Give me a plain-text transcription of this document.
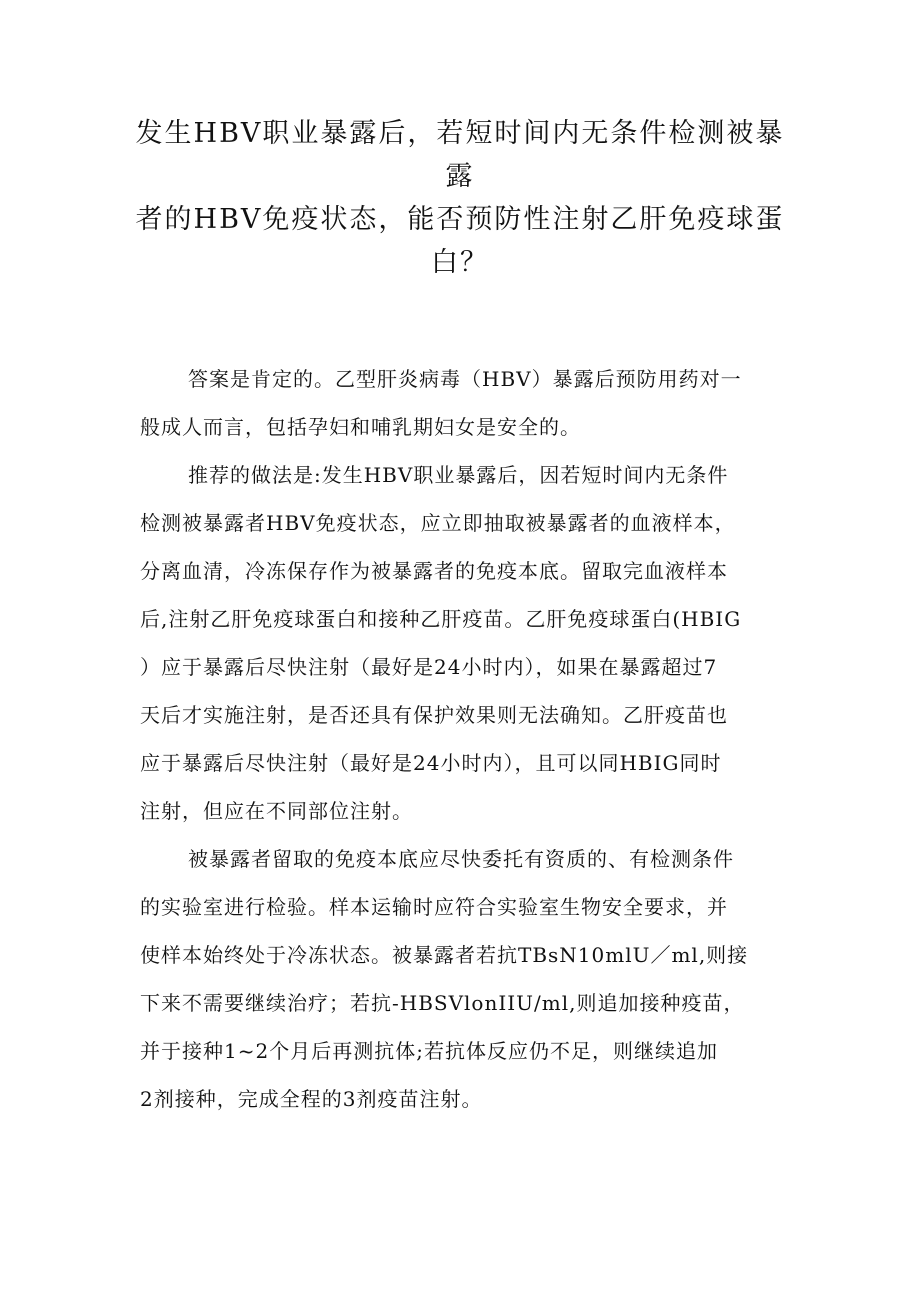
发生HBV职业暴露后，若短时间内无条件检测被暴
露
者的HBV免疫状态，能否预防性注射乙肝免疫球蛋
白？

答案是肯定的。乙型肝炎病毒（HBV）暴露后预防用药对一
般成人而言，包括孕妇和哺乳期妇女是安全的。

推荐的做法是:发生HBV职业暴露后，因若短时间内无条件
检测被暴露者HBV免疫状态，应立即抽取被暴露者的血液样本，
分离血清，冷冻保存作为被暴露者的免疫本底。留取完血液样本
后,注射乙肝免疫球蛋白和接种乙肝疫苗。乙肝免疫球蛋白(HBIG
）应于暴露后尽快注射（最好是24小时内），如果在暴露超过7
天后才实施注射，是否还具有保护效果则无法确知。乙肝疫苗也
应于暴露后尽快注射（最好是24小时内），且可以同HBIG同时
注射，但应在不同部位注射。

被暴露者留取的免疫本底应尽快委托有资质的、有检测条件
的实验室进行检验。样本运输时应符合实验室生物安全要求，并
使样本始终处于冷冻状态。被暴露者若抗TBsN10mlU／ml,则接
下来不需要继续治疗；若抗-HBSVlonIIU/ml,则追加接种疫苗，
并于接种1~2个月后再测抗体;若抗体反应仍不足，则继续追加
2剂接种，完成全程的3剂疫苗注射。
